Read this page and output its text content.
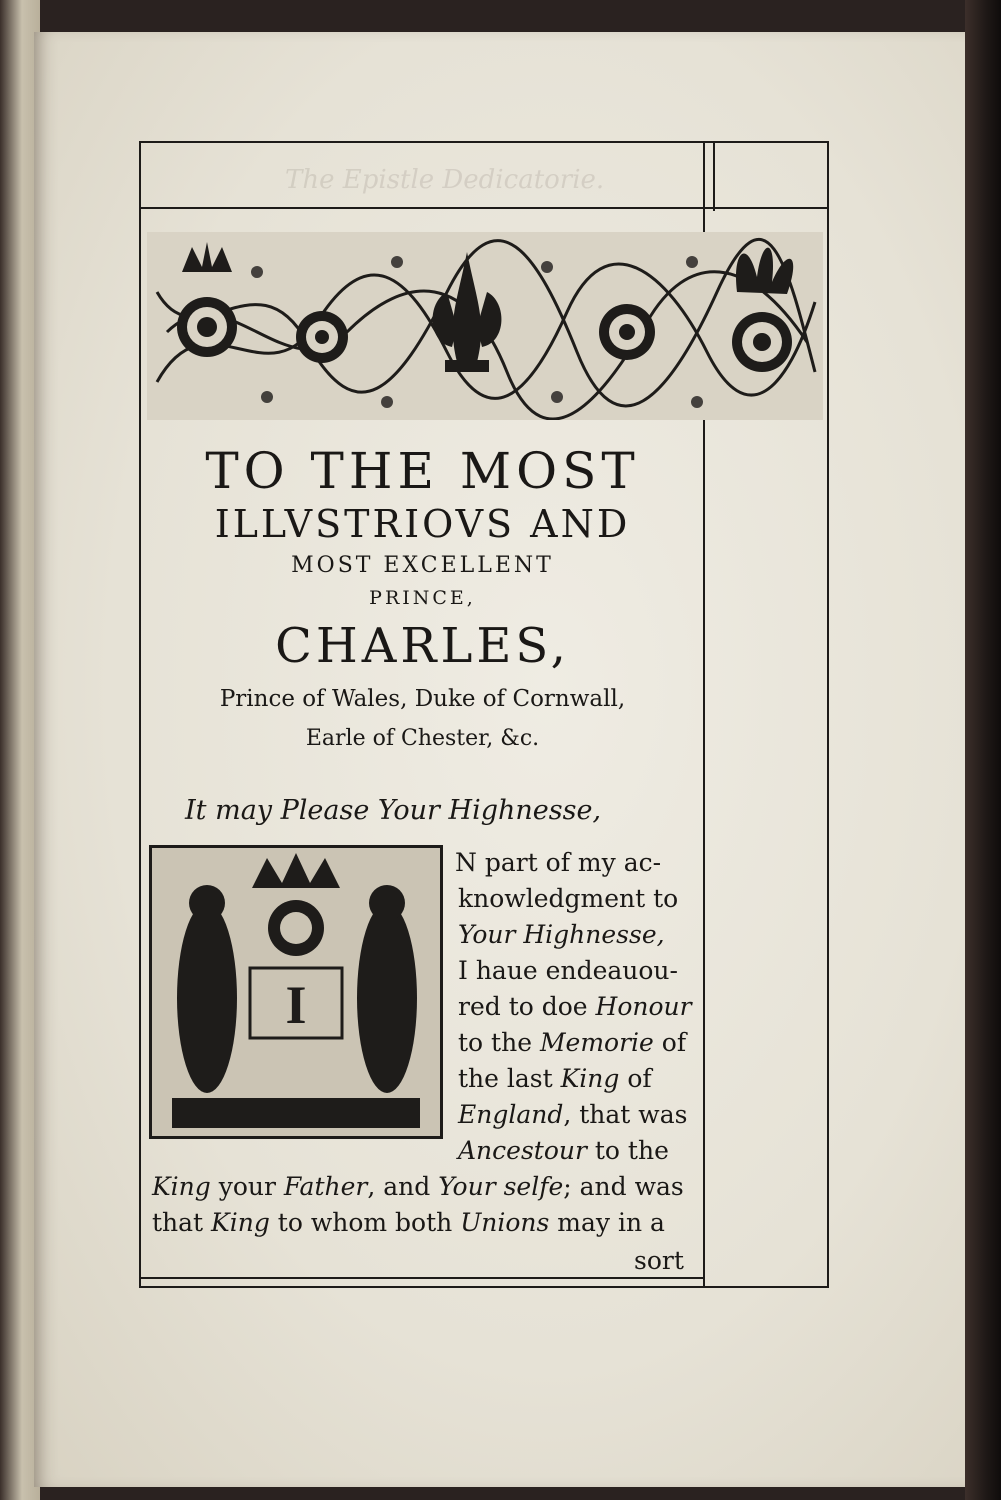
The Epistle Dedicatorie.
TO THE MOST
ILLVSTRIOVS AND
MOST EXCELLENT
PRINCE,
CHARLES,
Prince of Wales, Duke of Cornwall,
Earle of Chester, &c.
It may Please Your Highnesse,
I
N part of my ac-
knowledgment to
Your Highnesse,
I haue endeauou-
red to doe Honour
to the Memorie of
the last King of
England, that was
Ancestour to the
King your Father, and Your selfe; and was
that King to whom both Unions may in a
sort
